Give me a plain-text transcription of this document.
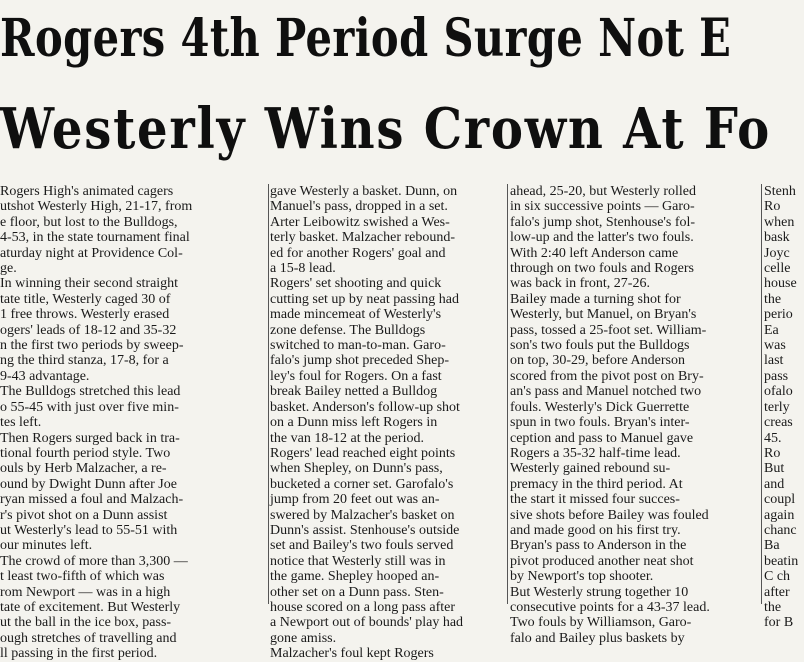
Rogers 4th Period Surge Not E
Westerly Wins Crown At Fo
Rogers High's animated cagers
utshot Westerly High, 21-17, from
e floor, but lost to the Bulldogs,
4-53, in the state tournament final
aturday night at Providence Col-
ge.
In winning their second straight
tate title, Westerly caged 30 of
1 free throws. Westerly erased
ogers' leads of 18-12 and 35-32
n the first two periods by sweep-
ng the third stanza, 17-8, for a
9-43 advantage.
The Bulldogs stretched this lead
o 55-45 with just over five min-
tes left.
Then Rogers surged back in tra-
tional fourth period style. Two
ouls by Herb Malzacher, a re-
ound by Dwight Dunn after Joe
ryan missed a foul and Malzach-
r's pivot shot on a Dunn assist
ut Westerly's lead to 55-51 with
our minutes left.
The crowd of more than 3,300 —
t least two-fifth of which was
rom Newport — was in a high
tate of excitement. But Westerly
ut the ball in the ice box, pass-
ough stretches of travelling and
ll passing in the first period.
gave Westerly a basket. Dunn, on
Manuel's pass, dropped in a set.
Arter Leibowitz swished a Wes-
terly basket. Malzacher rebound-
ed for another Rogers' goal and
a 15-8 lead.
Rogers' set shooting and quick
cutting set up by neat passing had
made mincemeat of Westerly's
zone defense. The Bulldogs
switched to man-to-man. Garo-
falo's jump shot preceded Shep-
ley's foul for Rogers. On a fast
break Bailey netted a Bulldog
basket. Anderson's follow-up shot
on a Dunn miss left Rogers in
the van 18-12 at the period.
Rogers' lead reached eight points
when Shepley, on Dunn's pass,
bucketed a corner set. Garofalo's
jump from 20 feet out was an-
swered by Malzacher's basket on
Dunn's assist. Stenhouse's outside
set and Bailey's two fouls served
notice that Westerly still was in
the game. Shepley hooped an-
other set on a Dunn pass. Sten-
house scored on a long pass after
a Newport out of bounds' play had
gone amiss.
Malzacher's foul kept Rogers
ahead, 25-20, but Westerly rolled
in six successive points — Garo-
falo's jump shot, Stenhouse's fol-
low-up and the latter's two fouls.
With 2:40 left Anderson came
through on two fouls and Rogers
was back in front, 27-26.
Bailey made a turning shot for
Westerly, but Manuel, on Bryan's
pass, tossed a 25-foot set. William-
son's two fouls put the Bulldogs
on top, 30-29, before Anderson
scored from the pivot post on Bry-
an's pass and Manuel notched two
fouls. Westerly's Dick Guerrette
spun in two fouls. Bryan's inter-
ception and pass to Manuel gave
Rogers a 35-32 half-time lead.
Westerly gained rebound su-
premacy in the third period. At
the start it missed four succes-
sive shots before Bailey was fouled
and made good on his first try.
Bryan's pass to Anderson in the
pivot produced another neat shot
by Newport's top shooter.
But Westerly strung together 10
consecutive points for a 43-37 lead.
Two fouls by Williamson, Garo-
falo and Bailey plus baskets by

Stenh
Ro
when
bask
Joyc
celle
house
the
perio
Ea
was
last
pass
ofalo
terly
creas
45.
Ro
But
and
coupl
again
chanc
Ba
beatin
C ch
after
the
for B
